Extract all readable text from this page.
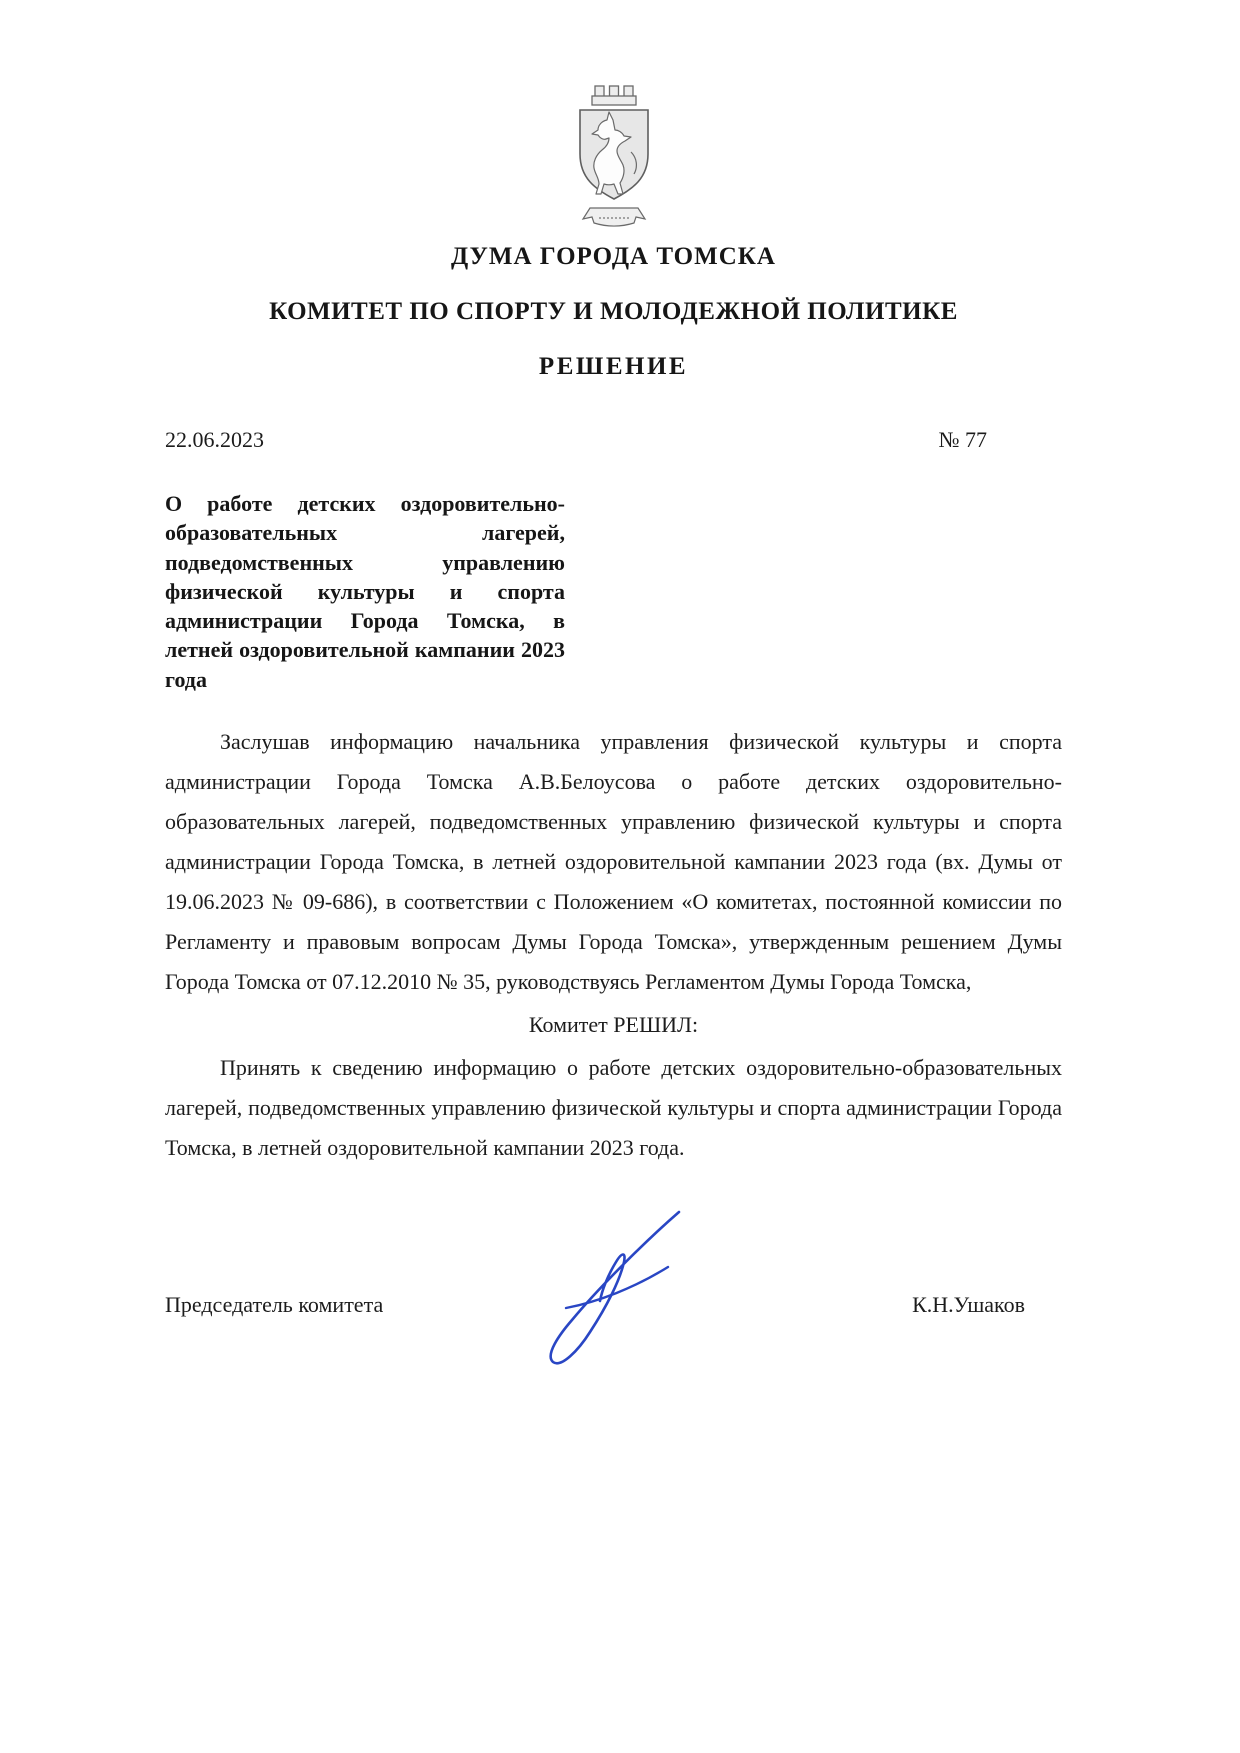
ДУМА ГОРОДА ТОМСКА
КОМИТЕТ ПО СПОРТУ И МОЛОДЕЖНОЙ ПОЛИТИКЕ
РЕШЕНИЕ
22.06.2023	№ 77
О работе детских оздоровительно-образовательных лагерей, подведомственных управлению физической культуры и спорта администрации Города Томска, в летней оздоровительной кампании 2023 года

Заслушав информацию начальника управления физической культуры и спорта администрации Города Томска А.В.Белоусова о работе детских оздоровительно-образовательных лагерей, подведомственных управлению физической культуры и спорта администрации Города Томска, в летней оздоровительной кампании 2023 года (вх. Думы от 19.06.2023 № 09-686), в соответствии с Положением «О комитетах, постоянной комиссии по Регламенту и правовым вопросам Думы Города Томска», утвержденным решением Думы Города Томска от 07.12.2010 № 35, руководствуясь Регламентом Думы Города Томска,

Комитет РЕШИЛ:

Принять к сведению информацию о работе детских оздоровительно-образовательных лагерей, подведомственных управлению физической культуры и спорта администрации Города Томска, в летней оздоровительной кампании 2023 года.

Председатель комитета	К.Н.Ушаков
